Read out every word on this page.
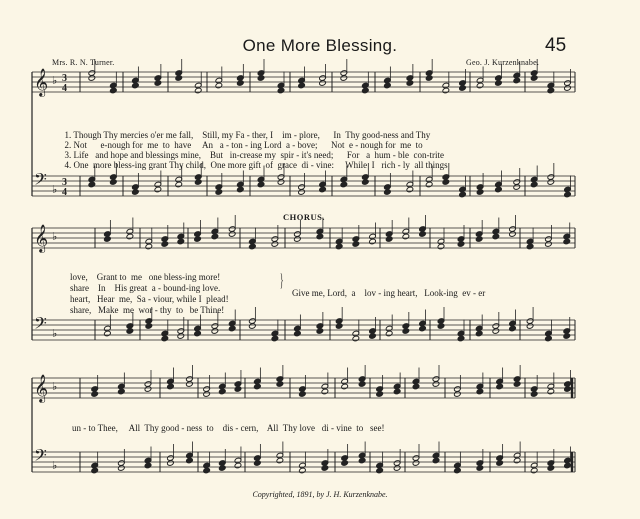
𝄞 ♭ 3
4
𝄢 ♭
3
4
𝄞 ♭
𝄢 ♭
𝄞 ♭
𝄢 ♭
One More Blessing.	45
Mrs. R. N. Turner.	Geo. J. Kurzenknabe.

1. Though Thy mercies o'er me fall,    Still, my Fa - ther, I    im - plore,      In  Thy good-ness and Thy

2. Not      e-nough for  me  to  have     An   a - ton - ing Lord  a - bove;      Not  e - nough for  me  to

3. Life   and hope and blessings mine,    But   in-crease my  spir - it's need;      For   a  hum - ble  con-trite

4. One  more bless-ing grant Thy child,  One more gift  of  grace  di - vine:     While  I   rich - ly  all things

CHORUS.
love,    Grant to  me   one bless-ing more!
share    In    His great  a - bound-ing love.
heart,   Hear  me,  Sa - viour, while I  plead!
share,   Make  me  wor - thy  to   be Thine!
}
Give me, Lord,  a    lov - ing heart,   Look-ing  ev - er
un - to Thee,     All  Thy good - ness  to    dis - cern,    All  Thy love   di - vine  to   see!
Copyrighted, 1891, by J. H. Kurzenknabe.
